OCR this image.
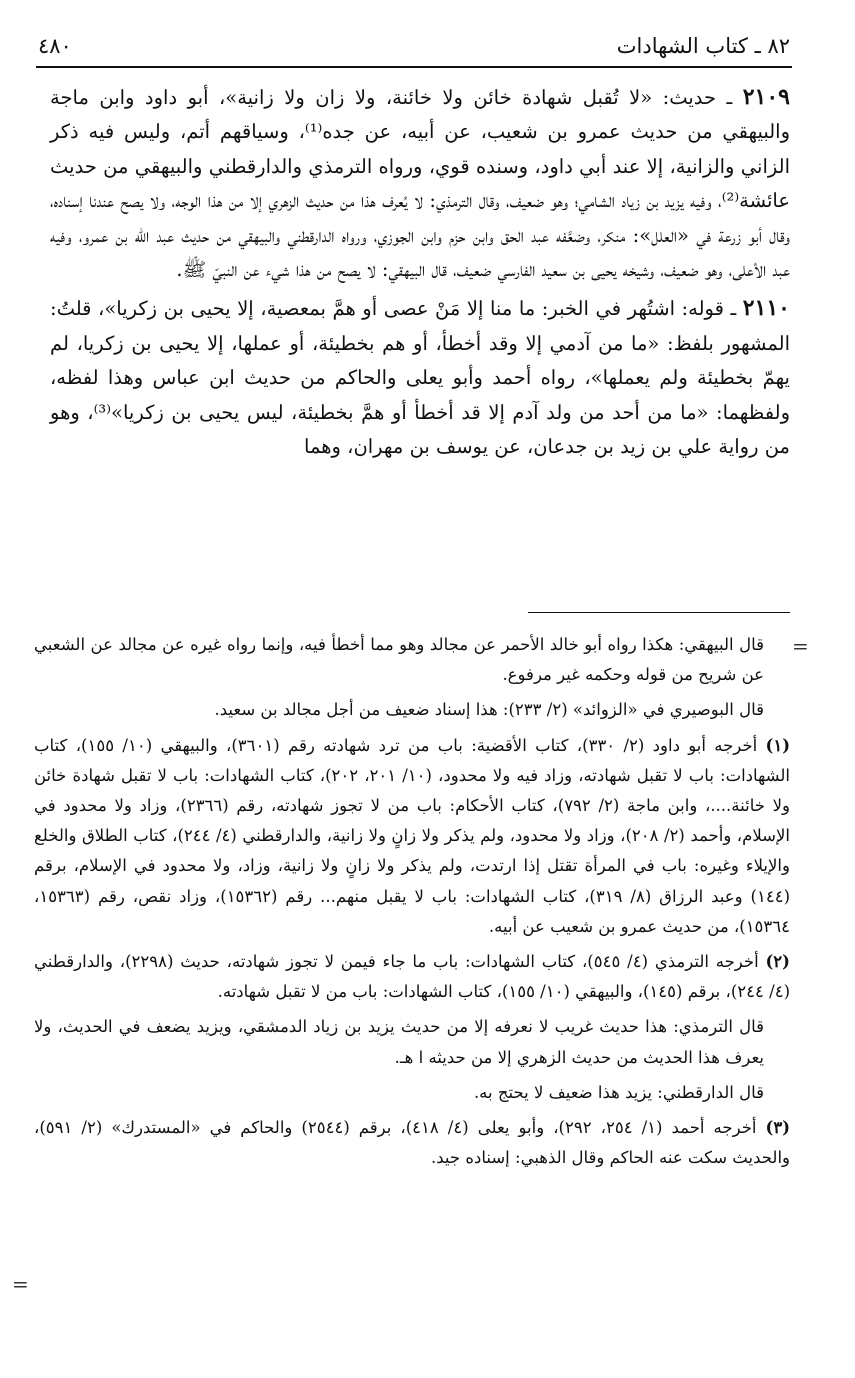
٨٢ ـ كتاب الشهادات
٤٨٠

٢١٠٩ ـ حديث: «لا تُقبل شهادة خائن ولا خائنة، ولا زان ولا زانية»، أبو داود وابن ماجة والبيهقي من حديث عمرو بن شعيب، عن أبيه، عن جده⁽¹⁾، وسياقهم أتم، وليس فيه ذكر الزاني والزانية، إلا عند أبي داود، وسنده قوي، ورواه الترمذي والدارقطني والبيهقي من حديث عائشة⁽²⁾، وفيه يزيد بن زياد الشامي؛ وهو ضعيف، وقال الترمذي: لا يُعرف هذا من حديث الزهري إلا من هذا الوجه، ولا يصح عندنا إسناده، وقال أبو زرعة في «العلل»: منكر، وضعَّفه عبد الحق وابن حزم وابن الجوزي، ورواه الدارقطني والبيهقي من حديث عبد الله بن عمرو، وفيه عبد الأعلى، وهو ضعيف، وشيخه يحيى بن سعيد الفارسي ضعيف، قال البيهقي: لا يصح من هذا شيء عن النبيّ ﷺ.

٢١١٠ ـ قوله: اشتُهر في الخبر: ما منا إلا مَنْ عصى أو همَّ بمعصية، إلا يحيى بن زكريا»، قلتُ: المشهور بلفظ: «ما من آدمي إلا وقد أخطأ، أو هم بخطيئة، أو عملها، إلا يحيى بن زكريا، لم يهمّ بخطيئة ولم يعملها»، رواه أحمد وأبو يعلى والحاكم من حديث ابن عباس وهذا لفظه، ولفظهما: «ما من أحد من ولد آدم إلا قد أخطأ أو همَّ بخطيئة، ليس يحيى بن زكريا»⁽³⁾، وهو من رواية علي بن زيد بن جدعان، عن يوسف بن مهران، وهما

=

قال البيهقي: هكذا رواه أبو خالد الأحمر عن مجالد وهو مما أخطأ فيه، وإنما رواه غيره عن مجالد عن الشعبي عن شريح من قوله وحكمه غير مرفوع.

قال البوصيري في «الزوائد» (٢/ ٢٣٣): هذا إسناد ضعيف من أجل مجالد بن سعيد.

(١) أخرجه أبو داود (٢/ ٣٣٠)، كتاب الأقضية: باب من ترد شهادته رقم (٣٦٠١)، والبيهقي (١٠/ ١٥٥)، كتاب الشهادات: باب لا تقبل شهادته، وزاد فيه ولا محدود، (١٠/ ٢٠١، ٢٠٢)، كتاب الشهادات: باب لا تقبل شهادة خائن ولا خائنة....، وابن ماجة (٢/ ٧٩٢)، كتاب الأحكام: باب من لا تجوز شهادته، رقم (٢٣٦٦)، وزاد ولا محدود في الإسلام، وأحمد (٢/ ٢٠٨)، وزاد ولا محدود، ولم يذكر ولا زانٍ ولا زانية، والدارقطني (٤/ ٢٤٤)، كتاب الطلاق والخلع والإيلاء وغيره: باب في المرأة تقتل إذا ارتدت، ولم يذكر ولا زانٍ ولا زانية، وزاد، ولا محدود في الإسلام، برقم (١٤٤) وعبد الرزاق (٨/ ٣١٩)، كتاب الشهادات: باب لا يقبل منهم... رقم (١٥٣٦٢)، وزاد نقص، رقم (١٥٣٦٣، ١٥٣٦٤)، من حديث عمرو بن شعيب عن أبيه.

(٢) أخرجه الترمذي (٤/ ٥٤٥)، كتاب الشهادات: باب ما جاء فيمن لا تجوز شهادته، حديث (٢٢٩٨)، والدارقطني (٤/ ٢٤٤)، برقم (١٤٥)، والبيهقي (١٠/ ١٥٥)، كتاب الشهادات: باب من لا تقبل شهادته.

قال الترمذي: هذا حديث غريب لا نعرفه إلا من حديث يزيد بن زياد الدمشقي، ويزيد يضعف في الحديث، ولا يعرف هذا الحديث من حديث الزهري إلا من حديثه ا هـ.

قال الدارقطني: يزيد هذا ضعيف لا يحتج به.

(٣) أخرجه أحمد (١/ ٢٥٤، ٢٩٢)، وأبو يعلى (٤/ ٤١٨)، برقم (٢٥٤٤) والحاكم في «المستدرك» (٢/ ٥٩١)، والحديث سكت عنه الحاكم وقال الذهبي: إسناده جيد.

=
